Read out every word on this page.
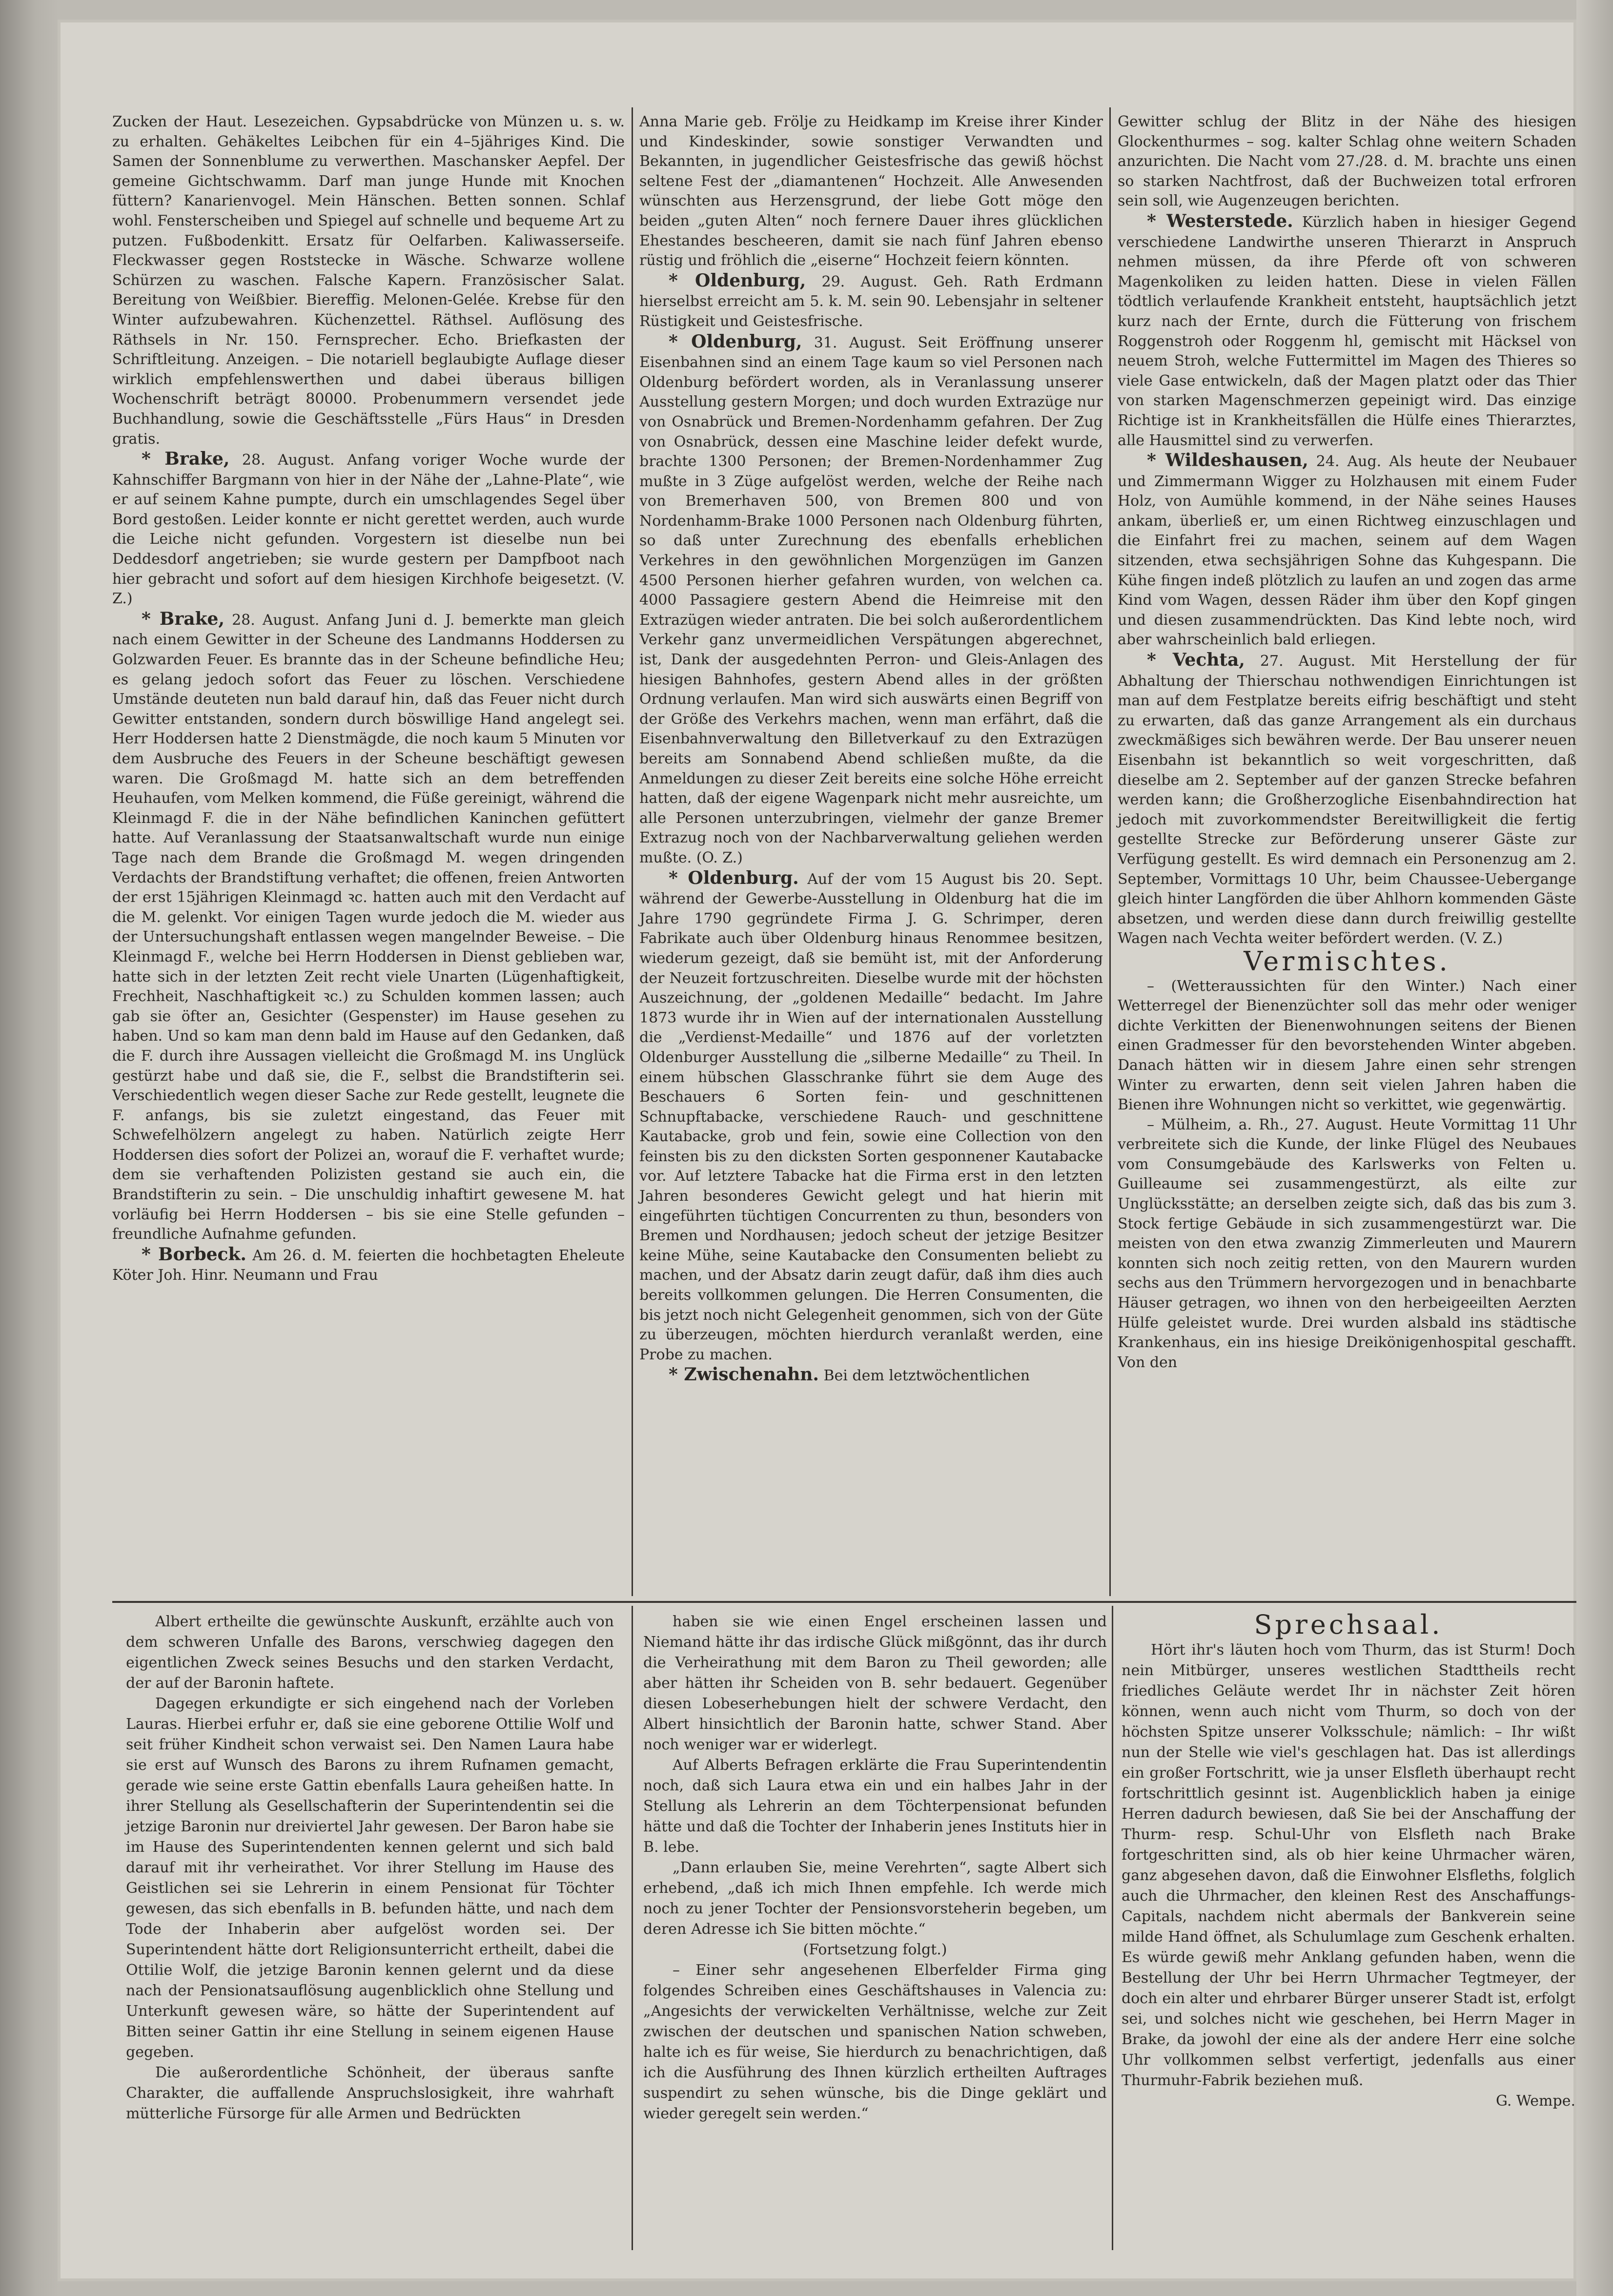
Zucken der Haut. Lesezeichen. Gypsabdrücke von Münzen u. s. w. zu erhalten. Gehäkeltes Leibchen für ein 4–5jähriges Kind. Die Samen der Sonnenblume zu verwerthen. Maschansker Aepfel. Der gemeine Gichtschwamm. Darf man junge Hunde mit Knochen füttern? Kanarienvogel. Mein Hänschen. Betten sonnen. Schlaf wohl. Fensterscheiben und Spiegel auf schnelle und bequeme Art zu putzen. Fußbodenkitt. Ersatz für Oelfarben. Kaliwasserseife. Fleckwasser gegen Roststecke in Wäsche. Schwarze wollene Schürzen zu waschen. Falsche Kapern. Französischer Salat. Bereitung von Weißbier. Biereffig. Melonen-Gelée. Krebse für den Winter aufzubewahren. Küchenzettel. Räthsel. Auflösung des Räthsels in Nr. 150. Fernsprecher. Echo. Briefkasten der Schriftleitung. Anzeigen. – Die notariell beglaubigte Auflage dieser wirklich empfehlenswerthen und dabei überaus billigen Wochenschrift beträgt 80000. Probenummern versendet jede Buchhandlung, sowie die Geschäftsstelle „Fürs Haus“ in Dresden gratis.

* Brake, 28. August. Anfang voriger Woche wurde der Kahnschiffer Bargmann von hier in der Nähe der „Lahne-Plate“, wie er auf seinem Kahne pumpte, durch ein umschlagendes Segel über Bord gestoßen. Leider konnte er nicht gerettet werden, auch wurde die Leiche nicht gefunden. Vorgestern ist dieselbe nun bei Deddesdorf angetrieben; sie wurde gestern per Dampfboot nach hier gebracht und sofort auf dem hiesigen Kirchhofe beigesetzt. (V. Z.)

* Brake, 28. August. Anfang Juni d. J. bemerkte man gleich nach einem Gewitter in der Scheune des Landmanns Hoddersen zu Golzwarden Feuer. Es brannte das in der Scheune befindliche Heu; es gelang jedoch sofort das Feuer zu löschen. Verschiedene Umstände deuteten nun bald darauf hin, daß das Feuer nicht durch Gewitter entstanden, sondern durch böswillige Hand angelegt sei. Herr Hoddersen hatte 2 Dienstmägde, die noch kaum 5 Minuten vor dem Ausbruche des Feuers in der Scheune beschäftigt gewesen waren. Die Großmagd M. hatte sich an dem betreffenden Heuhaufen, vom Melken kommend, die Füße gereinigt, während die Kleinmagd F. die in der Nähe befindlichen Kaninchen gefüttert hatte. Auf Veranlassung der Staatsanwaltschaft wurde nun einige Tage nach dem Brande die Großmagd M. wegen dringenden Verdachts der Brandstiftung verhaftet; die offenen, freien Antworten der erst 15jährigen Kleinmagd ꝛc. hatten auch mit den Verdacht auf die M. gelenkt. Vor einigen Tagen wurde jedoch die M. wieder aus der Untersuchungshaft entlassen wegen mangelnder Beweise. – Die Kleinmagd F., welche bei Herrn Hoddersen in Dienst geblieben war, hatte sich in der letzten Zeit recht viele Unarten (Lügenhaftigkeit, Frechheit, Naschhaftigkeit ꝛc.) zu Schulden kommen lassen; auch gab sie öfter an, Gesichter (Gespenster) im Hause gesehen zu haben. Und so kam man denn bald im Hause auf den Gedanken, daß die F. durch ihre Aussagen vielleicht die Großmagd M. ins Unglück gestürzt habe und daß sie, die F., selbst die Brandstifterin sei. Verschiedentlich wegen dieser Sache zur Rede gestellt, leugnete die F. anfangs, bis sie zuletzt eingestand, das Feuer mit Schwefelhölzern angelegt zu haben. Natürlich zeigte Herr Hoddersen dies sofort der Polizei an, worauf die F. verhaftet wurde; dem sie verhaftenden Polizisten gestand sie auch ein, die Brandstifterin zu sein. – Die unschuldig inhaftirt gewesene M. hat vorläufig bei Herrn Hoddersen – bis sie eine Stelle gefunden – freundliche Aufnahme gefunden.

* Borbeck. Am 26. d. M. feierten die hochbetagten Eheleute Köter Joh. Hinr. Neumann und Frau

Anna Marie geb. Frölje zu Heidkamp im Kreise ihrer Kinder und Kindeskinder, sowie sonstiger Verwandten und Bekannten, in jugendlicher Geistesfrische das gewiß höchst seltene Fest der „diamantenen“ Hochzeit. Alle Anwesenden wünschten aus Herzensgrund, der liebe Gott möge den beiden „guten Alten“ noch fernere Dauer ihres glücklichen Ehestandes bescheeren, damit sie nach fünf Jahren ebenso rüstig und fröhlich die „eiserne“ Hochzeit feiern könnten.

* Oldenburg, 29. August. Geh. Rath Erdmann hierselbst erreicht am 5. k. M. sein 90. Lebensjahr in seltener Rüstigkeit und Geistesfrische.

* Oldenburg, 31. August. Seit Eröffnung unserer Eisenbahnen sind an einem Tage kaum so viel Personen nach Oldenburg befördert worden, als in Veranlassung unserer Ausstellung gestern Morgen; und doch wurden Extrazüge nur von Osnabrück und Bremen-Nordenhamm gefahren. Der Zug von Osnabrück, dessen eine Maschine leider defekt wurde, brachte 1300 Personen; der Bremen-Nordenhammer Zug mußte in 3 Züge aufgelöst werden, welche der Reihe nach von Bremerhaven 500, von Bremen 800 und von Nordenhamm-Brake 1000 Personen nach Oldenburg führten, so daß unter Zurechnung des ebenfalls erheblichen Verkehres in den gewöhnlichen Morgenzügen im Ganzen 4500 Personen hierher gefahren wurden, von welchen ca. 4000 Passagiere gestern Abend die Heimreise mit den Extrazügen wieder antraten. Die bei solch außerordentlichem Verkehr ganz unvermeidlichen Verspätungen abgerechnet, ist, Dank der ausgedehnten Perron- und Gleis-Anlagen des hiesigen Bahnhofes, gestern Abend alles in der größten Ordnung verlaufen. Man wird sich auswärts einen Begriff von der Größe des Verkehrs machen, wenn man erfährt, daß die Eisenbahnverwaltung den Billetverkauf zu den Extrazügen bereits am Sonnabend Abend schließen mußte, da die Anmeldungen zu dieser Zeit bereits eine solche Höhe erreicht hatten, daß der eigene Wagenpark nicht mehr ausreichte, um alle Personen unterzubringen, vielmehr der ganze Bremer Extrazug noch von der Nachbarverwaltung geliehen werden mußte. (O. Z.)

* Oldenburg. Auf der vom 15 August bis 20. Sept. während der Gewerbe-Ausstellung in Oldenburg hat die im Jahre 1790 gegründete Firma J. G. Schrimper, deren Fabrikate auch über Oldenburg hinaus Renommee besitzen, wiederum gezeigt, daß sie bemüht ist, mit der Anforderung der Neuzeit fortzuschreiten. Dieselbe wurde mit der höchsten Auszeichnung, der „goldenen Medaille“ bedacht. Im Jahre 1873 wurde ihr in Wien auf der internationalen Ausstellung die „Verdienst-Medaille“ und 1876 auf der vorletzten Oldenburger Ausstellung die „silberne Medaille“ zu Theil. In einem hübschen Glasschranke führt sie dem Auge des Beschauers 6 Sorten fein- und geschnittenen Schnupftabacke, verschiedene Rauch- und geschnittene Kautabacke, grob und fein, sowie eine Collection von den feinsten bis zu den dicksten Sorten gesponnener Kautabacke vor. Auf letztere Tabacke hat die Firma erst in den letzten Jahren besonderes Gewicht gelegt und hat hierin mit eingeführten tüchtigen Concurrenten zu thun, besonders von Bremen und Nordhausen; jedoch scheut der jetzige Besitzer keine Mühe, seine Kautabacke den Consumenten beliebt zu machen, und der Absatz darin zeugt dafür, daß ihm dies auch bereits vollkommen gelungen. Die Herren Consumenten, die bis jetzt noch nicht Gelegenheit genommen, sich von der Güte zu überzeugen, möchten hierdurch veranlaßt werden, eine Probe zu machen.

* Zwischenahn. Bei dem letztwöchentlichen

Gewitter schlug der Blitz in der Nähe des hiesigen Glockenthurmes – sog. kalter Schlag ohne weitern Schaden anzurichten. Die Nacht vom 27./28. d. M. brachte uns einen so starken Nachtfrost, daß der Buchweizen total erfroren sein soll, wie Augenzeugen berichten.

* Westerstede. Kürzlich haben in hiesiger Gegend verschiedene Landwirthe unseren Thierarzt in Anspruch nehmen müssen, da ihre Pferde oft von schweren Magenkoliken zu leiden hatten. Diese in vielen Fällen tödtlich verlaufende Krankheit entsteht, hauptsächlich jetzt kurz nach der Ernte, durch die Fütterung von frischem Roggenstroh oder Roggenm hl, gemischt mit Häcksel von neuem Stroh, welche Futtermittel im Magen des Thieres so viele Gase entwickeln, daß der Magen platzt oder das Thier von starken Magenschmerzen gepeinigt wird. Das einzige Richtige ist in Krankheitsfällen die Hülfe eines Thierarztes, alle Hausmittel sind zu verwerfen.

* Wildeshausen, 24. Aug. Als heute der Neubauer und Zimmermann Wigger zu Holzhausen mit einem Fuder Holz, von Aumühle kommend, in der Nähe seines Hauses ankam, überließ er, um einen Richtweg einzuschlagen und die Einfahrt frei zu machen, seinem auf dem Wagen sitzenden, etwa sechsjährigen Sohne das Kuhgespann. Die Kühe fingen indeß plötzlich zu laufen an und zogen das arme Kind vom Wagen, dessen Räder ihm über den Kopf gingen und diesen zusammendrückten. Das Kind lebte noch, wird aber wahrscheinlich bald erliegen.

* Vechta, 27. August. Mit Herstellung der für Abhaltung der Thierschau nothwendigen Einrichtungen ist man auf dem Festplatze bereits eifrig beschäftigt und steht zu erwarten, daß das ganze Arrangement als ein durchaus zweckmäßiges sich bewähren werde. Der Bau unserer neuen Eisenbahn ist bekanntlich so weit vorgeschritten, daß dieselbe am 2. September auf der ganzen Strecke befahren werden kann; die Großherzogliche Eisenbahndirection hat jedoch mit zuvorkommendster Bereitwilligkeit die fertig gestellte Strecke zur Beförderung unserer Gäste zur Verfügung gestellt. Es wird demnach ein Personenzug am 2. September, Vormittags 10 Uhr, beim Chaussee-Uebergange gleich hinter Langförden die über Ahlhorn kommenden Gäste absetzen, und werden diese dann durch freiwillig gestellte Wagen nach Vechta weiter befördert werden. (V. Z.)

Vermischtes.

– (Wetteraussichten für den Winter.) Nach einer Wetterregel der Bienenzüchter soll das mehr oder weniger dichte Verkitten der Bienenwohnungen seitens der Bienen einen Gradmesser für den bevorstehenden Winter abgeben. Danach hätten wir in diesem Jahre einen sehr strengen Winter zu erwarten, denn seit vielen Jahren haben die Bienen ihre Wohnungen nicht so verkittet, wie gegenwärtig.

– Mülheim, a. Rh., 27. August. Heute Vormittag 11 Uhr verbreitete sich die Kunde, der linke Flügel des Neubaues vom Consumgebäude des Karlswerks von Felten u. Guilleaume sei zusammengestürzt, als eilte zur Unglücksstätte; an derselben zeigte sich, daß das bis zum 3. Stock fertige Gebäude in sich zusammengestürzt war. Die meisten von den etwa zwanzig Zimmerleuten und Maurern konnten sich noch zeitig retten, von den Maurern wurden sechs aus den Trümmern hervorgezogen und in benachbarte Häuser getragen, wo ihnen von den herbeigeeilten Aerzten Hülfe geleistet wurde. Drei wurden alsbald ins städtische Krankenhaus, ein ins hiesige Dreikönigenhospital geschafft. Von den

Albert ertheilte die gewünschte Auskunft, erzählte auch von dem schweren Unfalle des Barons, verschwieg dagegen den eigentlichen Zweck seines Besuchs und den starken Verdacht, der auf der Baronin haftete.

Dagegen erkundigte er sich eingehend nach der Vorleben Lauras. Hierbei erfuhr er, daß sie eine geborene Ottilie Wolf und seit früher Kindheit schon verwaist sei. Den Namen Laura habe sie erst auf Wunsch des Barons zu ihrem Rufnamen gemacht, gerade wie seine erste Gattin ebenfalls Laura geheißen hatte. In ihrer Stellung als Gesellschafterin der Superintendentin sei die jetzige Baronin nur dreiviertel Jahr gewesen. Der Baron habe sie im Hause des Superintendenten kennen gelernt und sich bald darauf mit ihr verheirathet. Vor ihrer Stellung im Hause des Geistlichen sei sie Lehrerin in einem Pensionat für Töchter gewesen, das sich ebenfalls in B. befunden hätte, und nach dem Tode der Inhaberin aber aufgelöst worden sei. Der Superintendent hätte dort Religionsunterricht ertheilt, dabei die Ottilie Wolf, die jetzige Baronin kennen gelernt und da diese nach der Pensionatsauflösung augenblicklich ohne Stellung und Unterkunft gewesen wäre, so hätte der Superintendent auf Bitten seiner Gattin ihr eine Stellung in seinem eigenen Hause gegeben.

Die außerordentliche Schönheit, der überaus sanfte Charakter, die auffallende Anspruchslosigkeit, ihre wahrhaft mütterliche Fürsorge für alle Armen und Bedrückten

haben sie wie einen Engel erscheinen lassen und Niemand hätte ihr das irdische Glück mißgönnt, das ihr durch die Verheirathung mit dem Baron zu Theil geworden; alle aber hätten ihr Scheiden von B. sehr bedauert. Gegenüber diesen Lobeserhebungen hielt der schwere Verdacht, den Albert hinsichtlich der Baronin hatte, schwer Stand. Aber noch weniger war er widerlegt.

Auf Alberts Befragen erklärte die Frau Superintendentin noch, daß sich Laura etwa ein und ein halbes Jahr in der Stellung als Lehrerin an dem Töchterpensionat befunden hätte und daß die Tochter der Inhaberin jenes Instituts hier in B. lebe.

„Dann erlauben Sie, meine Verehrten“, sagte Albert sich erhebend, „daß ich mich Ihnen empfehle. Ich werde mich noch zu jener Tochter der Pensionsvorsteherin begeben, um deren Adresse ich Sie bitten möchte.“

(Fortsetzung folgt.)

– Einer sehr angesehenen Elberfelder Firma ging folgendes Schreiben eines Geschäftshauses in Valencia zu: „Angesichts der verwickelten Verhältnisse, welche zur Zeit zwischen der deutschen und spanischen Nation schweben, halte ich es für weise, Sie hierdurch zu benachrichtigen, daß ich die Ausführung des Ihnen kürzlich ertheilten Auftrages suspendirt zu sehen wünsche, bis die Dinge geklärt und wieder geregelt sein werden.“

Sprechsaal.

Hört ihr's läuten hoch vom Thurm, das ist Sturm! Doch nein Mitbürger, unseres westlichen Stadttheils recht friedliches Geläute werdet Ihr in nächster Zeit hören können, wenn auch nicht vom Thurm, so doch von der höchsten Spitze unserer Volksschule; nämlich: – Ihr wißt nun der Stelle wie viel's geschlagen hat. Das ist allerdings ein großer Fortschritt, wie ja unser Elsfleth überhaupt recht fortschrittlich gesinnt ist. Augenblicklich haben ja einige Herren dadurch bewiesen, daß Sie bei der Anschaffung der Thurm- resp. Schul-Uhr von Elsfleth nach Brake fortgeschritten sind, als ob hier keine Uhrmacher wären, ganz abgesehen davon, daß die Einwohner Elsfleths, folglich auch die Uhrmacher, den kleinen Rest des Anschaffungs-Capitals, nachdem nicht abermals der Bankverein seine milde Hand öffnet, als Schulumlage zum Geschenk erhalten. Es würde gewiß mehr Anklang gefunden haben, wenn die Bestellung der Uhr bei Herrn Uhrmacher Tegtmeyer, der doch ein alter und ehrbarer Bürger unserer Stadt ist, erfolgt sei, und solches nicht wie geschehen, bei Herrn Mager in Brake, da jowohl der eine als der andere Herr eine solche Uhr vollkommen selbst verfertigt, jedenfalls aus einer Thurmuhr-Fabrik beziehen muß.

G. Wempe.
